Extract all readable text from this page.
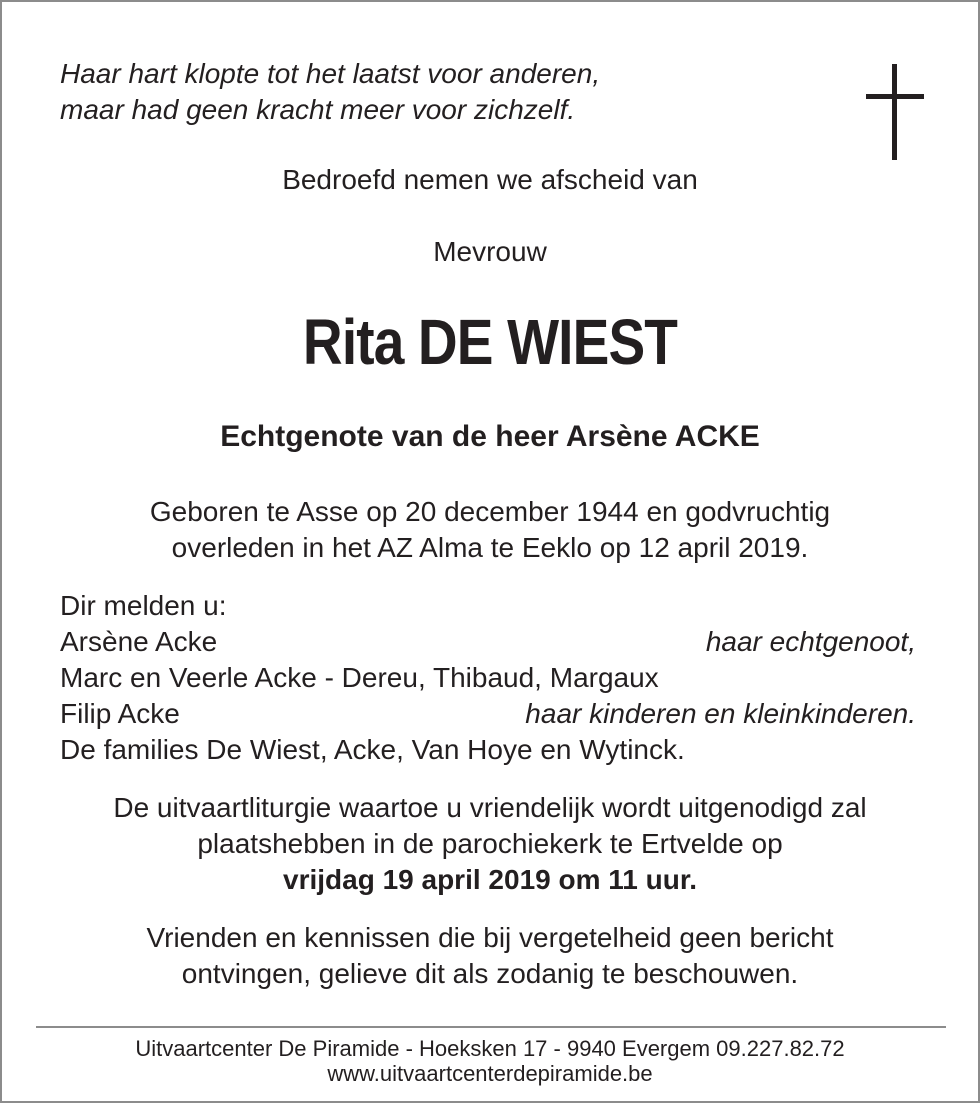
Haar hart klopte tot het laatst voor anderen,
maar had geen kracht meer voor zichzelf.
Bedroefd nemen we afscheid van
Mevrouw
Rita DE WIEST
Echtgenote van de heer Arsène ACKE
Geboren te Asse op 20 december 1944 en godvruchtig
overleden in het AZ Alma te Eeklo op 12 april 2019.
Dir melden u:
Arsène Acke	haar echtgenoot,
Marc en Veerle Acke - Dereu, Thibaud, Margaux
Filip Acke	haar kinderen en kleinkinderen.
De families De Wiest, Acke, Van Hoye en Wytinck.
De uitvaartliturgie waartoe u vriendelijk wordt uitgenodigd zal
plaatshebben in de parochiekerk te Ertvelde op
vrijdag 19 april 2019 om 11 uur.
Vrienden en kennissen die bij vergetelheid geen bericht
ontvingen, gelieve dit als zodanig te beschouwen.
Uitvaartcenter De Piramide - Hoeksken 17 - 9940 Evergem 09.227.82.72
www.uitvaartcenterdepiramide.be
